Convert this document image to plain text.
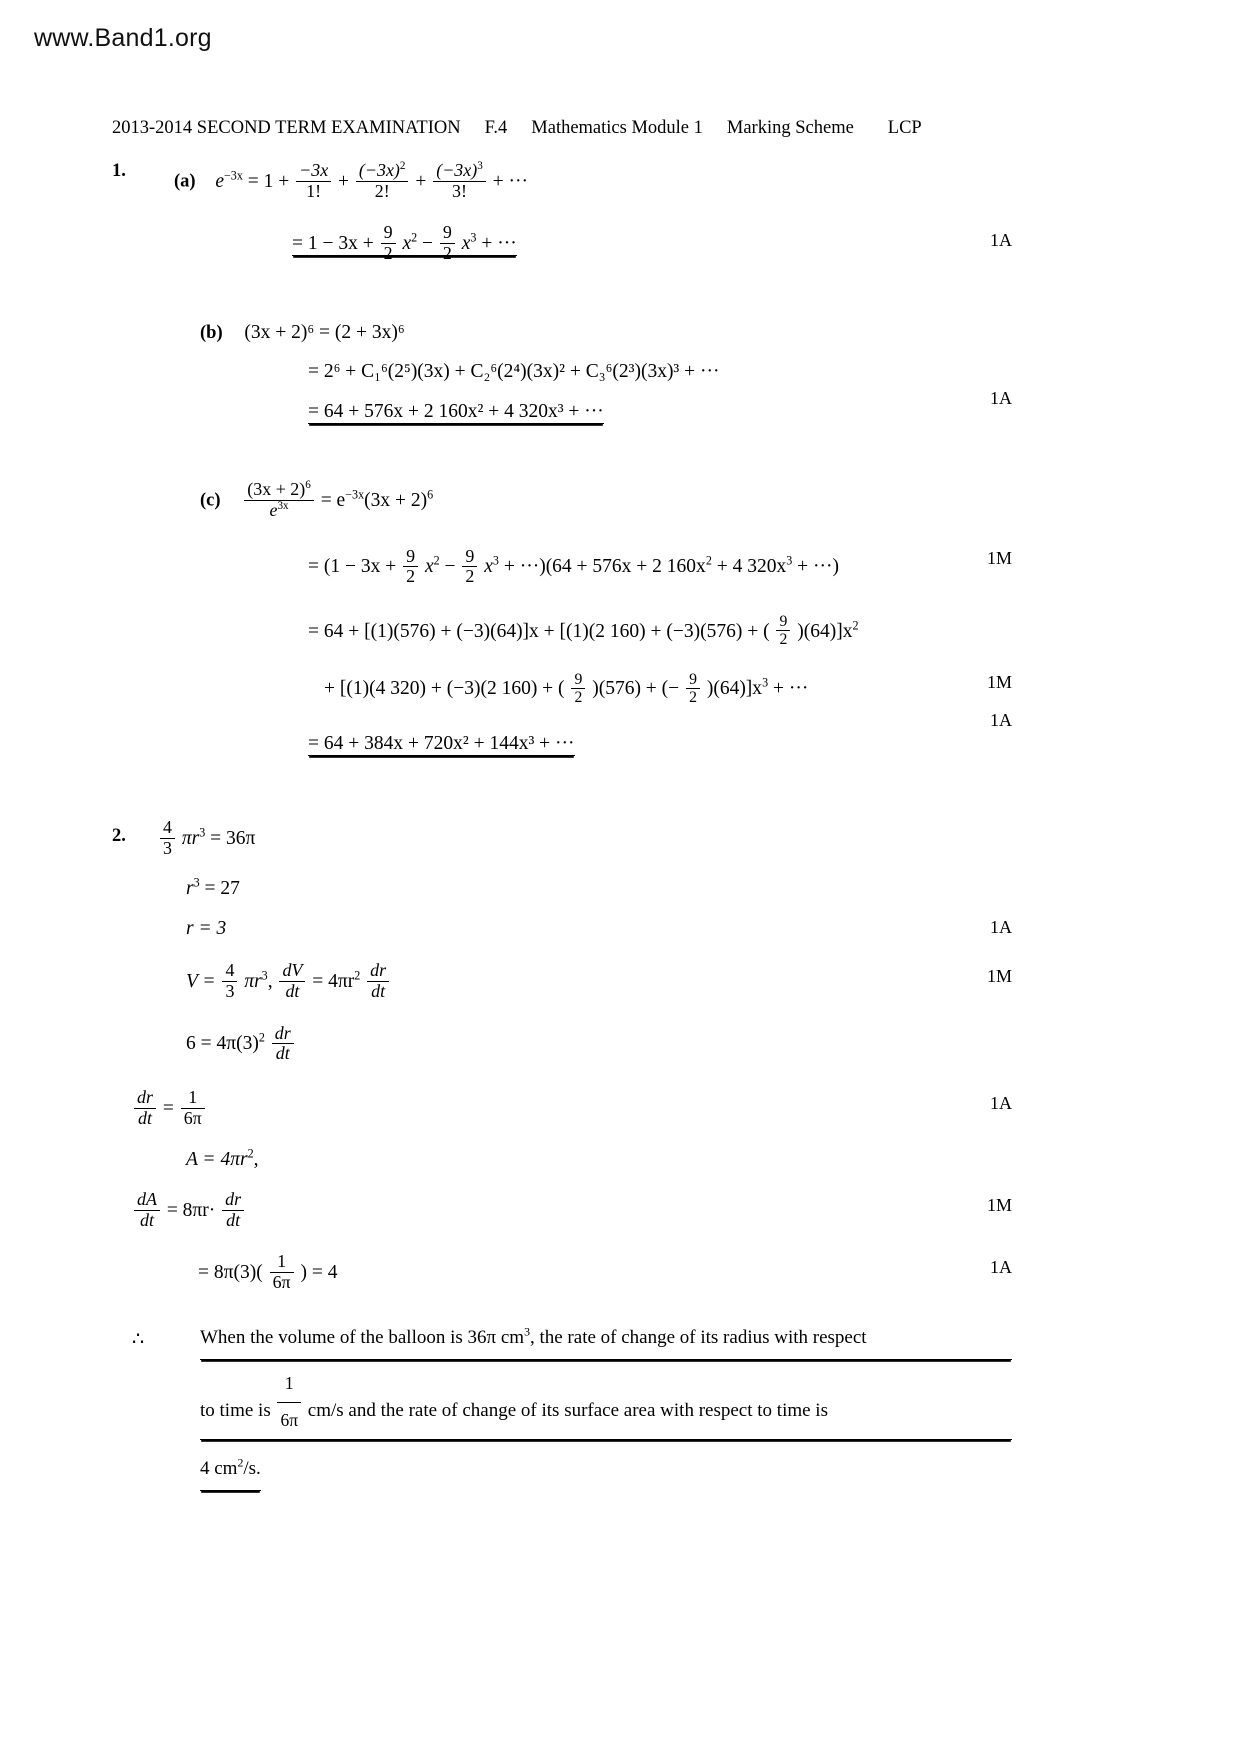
www.Band1.org
2013-2014 SECOND TERM EXAMINATION F.4 Mathematics Module 1 Marking Scheme LCP
1.
(a) $e^{-3x} = 1 + \frac{-3x}{1!} + \frac{(-3x)^2}{2!} + \frac{(-3x)^3}{3!}$ + ···
= $1 - 3x + \frac{9}{2} x^2 - \frac{9}{2} x^3$ + ···	1A
(b) (3x + 2)⁶ = (2 + 3x)⁶
= 2⁶ + C₁⁶(2⁵)(3x) + C₂⁶(2⁴)(3x)² + C₃⁶(2³)(3x)³ + ···
= 64 + 576x + 2 160x² + 4 320x³ + ···
1A
$(c) \frac{(3x + 2)^6}{e^{3x}} = e^{-3x}(3x + 2)^6$
= $(1 - 3x + \frac{9}{2} x^2 - \frac{9}{2} x^3 + \cdot\cdot\cdot)(64 + 576x + 2$ $160x^2 + 4$ $320x^3$ + ···)	1M
= 64 + [(1)(576) + (−3)(64)]x + [(1)(2 160) + (−3)(576) + ( $\frac{9}{2} )(64)]x^2$
+ [(1)(4 320) + (−3)(2 160) + ( $\frac{9}{2} )(576)$ + (− $\frac{9}{2} )(64)]x^3$ + ···	1M
= 64 + 384x + 720x² + 144x³ + ···
1A
2. $\frac{4}{3} \pi r^3 = 36\pi$
$r^3 = 27$
r = 3	1A
$V = \frac{4}{3} \pi r^3$, $\frac{dV}{dt} = 4\pi r^2 \frac{dr}{dt}$	1M
$6 = 4\pi(3)^2 \frac{dr}{dt}$
$\frac{dr}{dt} = \frac{1}{6\pi}$	1A
$A = 4\pi r^2$,
$\frac{dA}{dt} = 8\pi r\cdot \frac{dr}{dt}$	1M
= $8\pi(3)( \frac{1}{6\pi}$ ) = 4	1A
∴	When the volume of the balloon is 36π $cm^3$, the rate of change of its radius with respect
to time is $\frac{1}{6\pi} cm/s$ and the rate of change of its surface area with respect to time is
4 $cm^2/s$.
